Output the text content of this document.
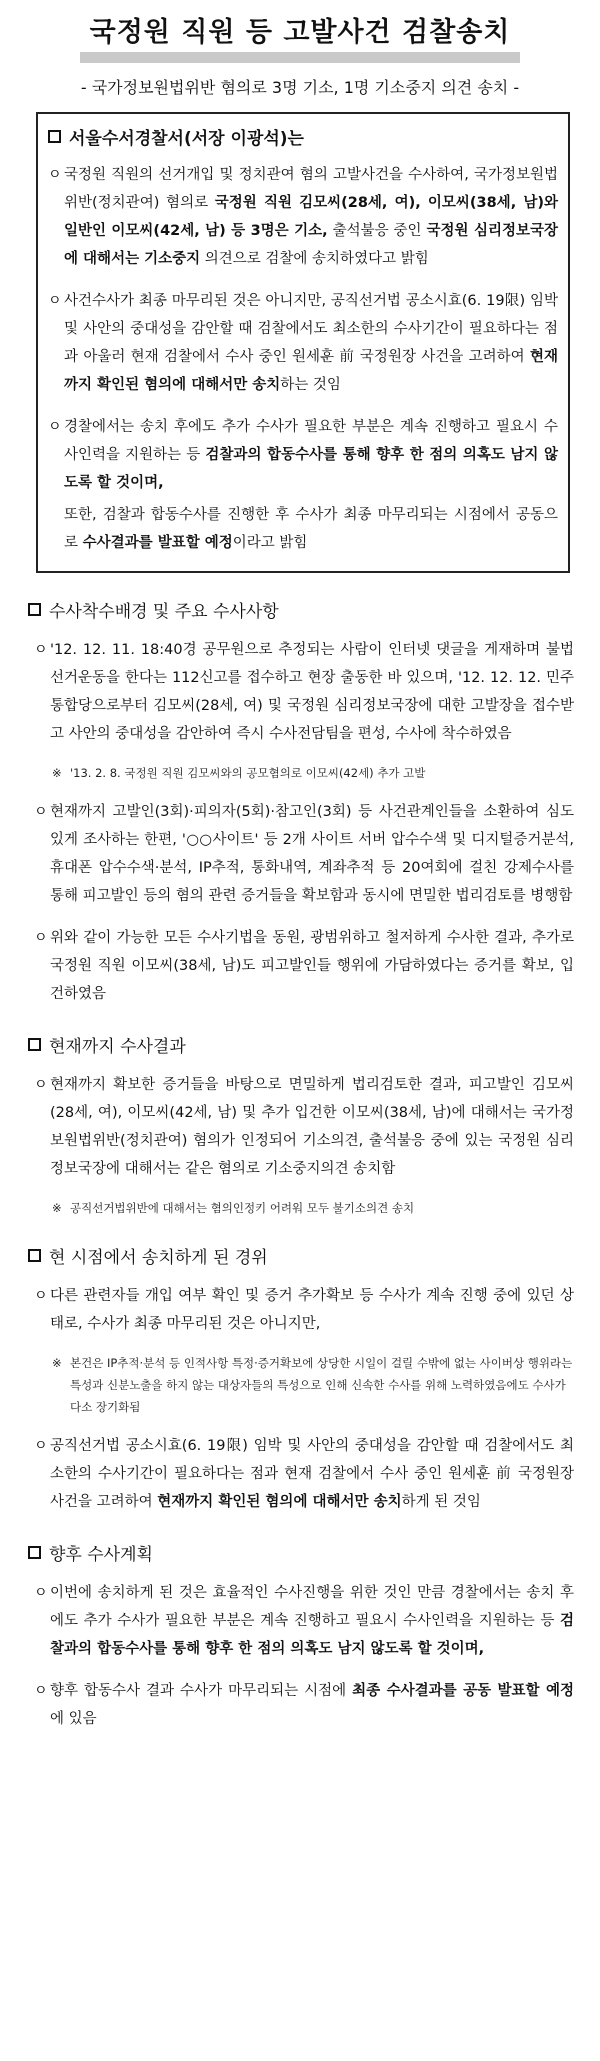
국정원 직원 등 고발사건 검찰송치
- 국가정보원법위반 혐의로 3명 기소, 1명 기소중지 의견 송치 -
서울수서경찰서(서장 이광석)는
ㅇ 국정원 직원의 선거개입 및 정치관여 혐의 고발사건을 수사하여, 국가정보원법위반(정치관여) 혐의로 국정원 직원 김모씨(28세, 여), 이모씨(38세, 남)와 일반인 이모씨(42세, 남) 등 3명은 기소, 출석불응 중인 국정원 심리정보국장에 대해서는 기소중지 의견으로 검찰에 송치하였다고 밝힘
ㅇ 사건수사가 최종 마무리된 것은 아니지만, 공직선거법 공소시효(6. 19限) 임박 및 사안의 중대성을 감안할 때 검찰에서도 최소한의 수사기간이 필요하다는 점과 아울러 현재 검찰에서 수사 중인 원세훈 前 국정원장 사건을 고려하여 현재까지 확인된 혐의에 대해서만 송치하는 것임
ㅇ 경찰에서는 송치 후에도 추가 수사가 필요한 부분은 계속 진행하고 필요시 수사인력을 지원하는 등 검찰과의 합동수사를 통해 향후 한 점의 의혹도 남지 않도록 할 것이며,
또한, 검찰과 합동수사를 진행한 후 수사가 최종 마무리되는 시점에서 공동으로 수사결과를 발표할 예정이라고 밝힘
수사착수배경 및 주요 수사사항
ㅇ '12. 12. 11. 18:40경 공무원으로 추정되는 사람이 인터넷 댓글을 게재하며 불법 선거운동을 한다는 112신고를 접수하고 현장 출동한 바 있으며, '12. 12. 12. 민주통합당으로부터 김모씨(28세, 여) 및 국정원 심리정보국장에 대한 고발장을 접수받고 사안의 중대성을 감안하여 즉시 수사전담팀을 편성, 수사에 착수하였음
※ '13. 2. 8. 국정원 직원 김모씨와의 공모혐의로 이모씨(42세) 추가 고발
ㅇ 현재까지 고발인(3회)·피의자(5회)·참고인(3회) 등 사건관계인들을 소환하여 심도 있게 조사하는 한편, '○○사이트' 등 2개 사이트 서버 압수수색 및 디지털증거분석, 휴대폰 압수수색·분석, IP추적, 통화내역, 계좌추적 등 20여회에 걸친 강제수사를 통해 피고발인 등의 혐의 관련 증거들을 확보함과 동시에 면밀한 법리검토를 병행함
ㅇ 위와 같이 가능한 모든 수사기법을 동원, 광범위하고 철저하게 수사한 결과, 추가로 국정원 직원 이모씨(38세, 남)도 피고발인들 행위에 가담하였다는 증거를 확보, 입건하였음
현재까지 수사결과
ㅇ 현재까지 확보한 증거들을 바탕으로 면밀하게 법리검토한 결과, 피고발인 김모씨(28세, 여), 이모씨(42세, 남) 및 추가 입건한 이모씨(38세, 남)에 대해서는 국가정보원법위반(정치관여) 혐의가 인정되어 기소의견, 출석불응 중에 있는 국정원 심리정보국장에 대해서는 같은 혐의로 기소중지의견 송치함
※ 공직선거법위반에 대해서는 혐의인정키 어려워 모두 불기소의견 송치
현 시점에서 송치하게 된 경위
ㅇ 다른 관련자들 개입 여부 확인 및 증거 추가확보 등 수사가 계속 진행 중에 있던 상태로, 수사가 최종 마무리된 것은 아니지만,
※ 본건은 IP추적·분석 등 인적사항 특정·증거확보에 상당한 시일이 걸릴 수밖에 없는 사이버상 행위라는 특성과 신분노출을 하지 않는 대상자들의 특성으로 인해 신속한 수사를 위해 노력하였음에도 수사가 다소 장기화됨
ㅇ 공직선거법 공소시효(6. 19限) 임박 및 사안의 중대성을 감안할 때 검찰에서도 최소한의 수사기간이 필요하다는 점과 현재 검찰에서 수사 중인 원세훈 前 국정원장 사건을 고려하여 현재까지 확인된 혐의에 대해서만 송치하게 된 것임
향후 수사계획
ㅇ 이번에 송치하게 된 것은 효율적인 수사진행을 위한 것인 만큼 경찰에서는 송치 후에도 추가 수사가 필요한 부분은 계속 진행하고 필요시 수사인력을 지원하는 등 검찰과의 합동수사를 통해 향후 한 점의 의혹도 남지 않도록 할 것이며,
ㅇ 향후 합동수사 결과 수사가 마무리되는 시점에 최종 수사결과를 공동 발표할 예정에 있음
